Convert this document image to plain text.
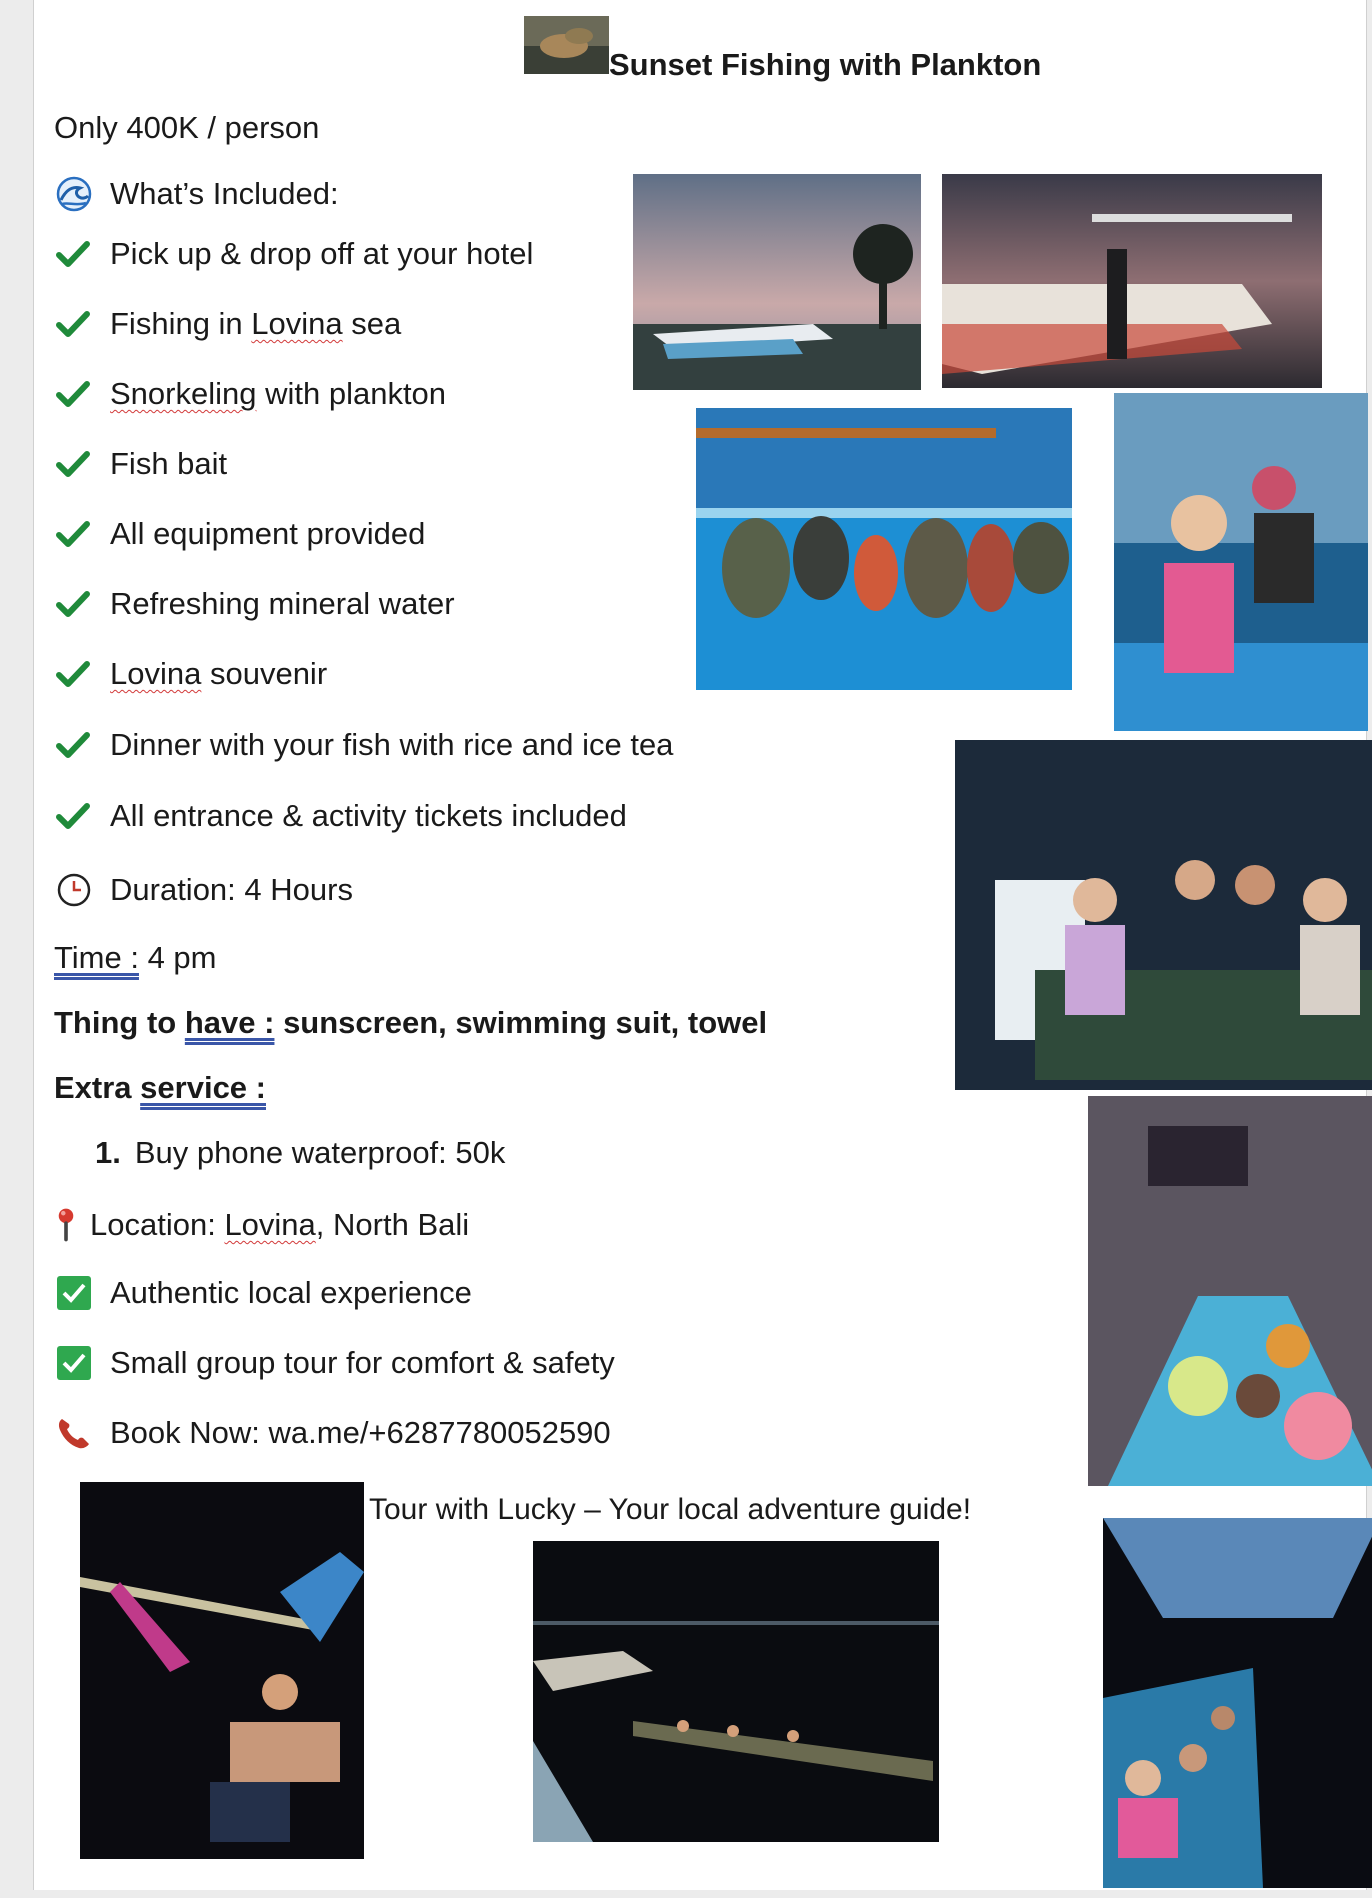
Sunset Fishing with Plankton
Only 400K / person
What’s Included:
Pick up & drop off at your hotel
Fishing in Lovina sea
Snorkeling with plankton
Fish bait
All equipment provided
Refreshing mineral water
Lovina souvenir
Dinner with your fish with rice and ice tea
All entrance & activity tickets included
Duration: 4 Hours
Time : 4 pm
Thing to have : sunscreen, swimming suit, towel
Extra service :
1. Buy phone waterproof: 50k
Location: Lovina , North Bali
Authentic local experience
Small group tour for comfort & safety
Book Now: wa.me/+6287780052590
Tour with Lucky – Your local adventure guide!
